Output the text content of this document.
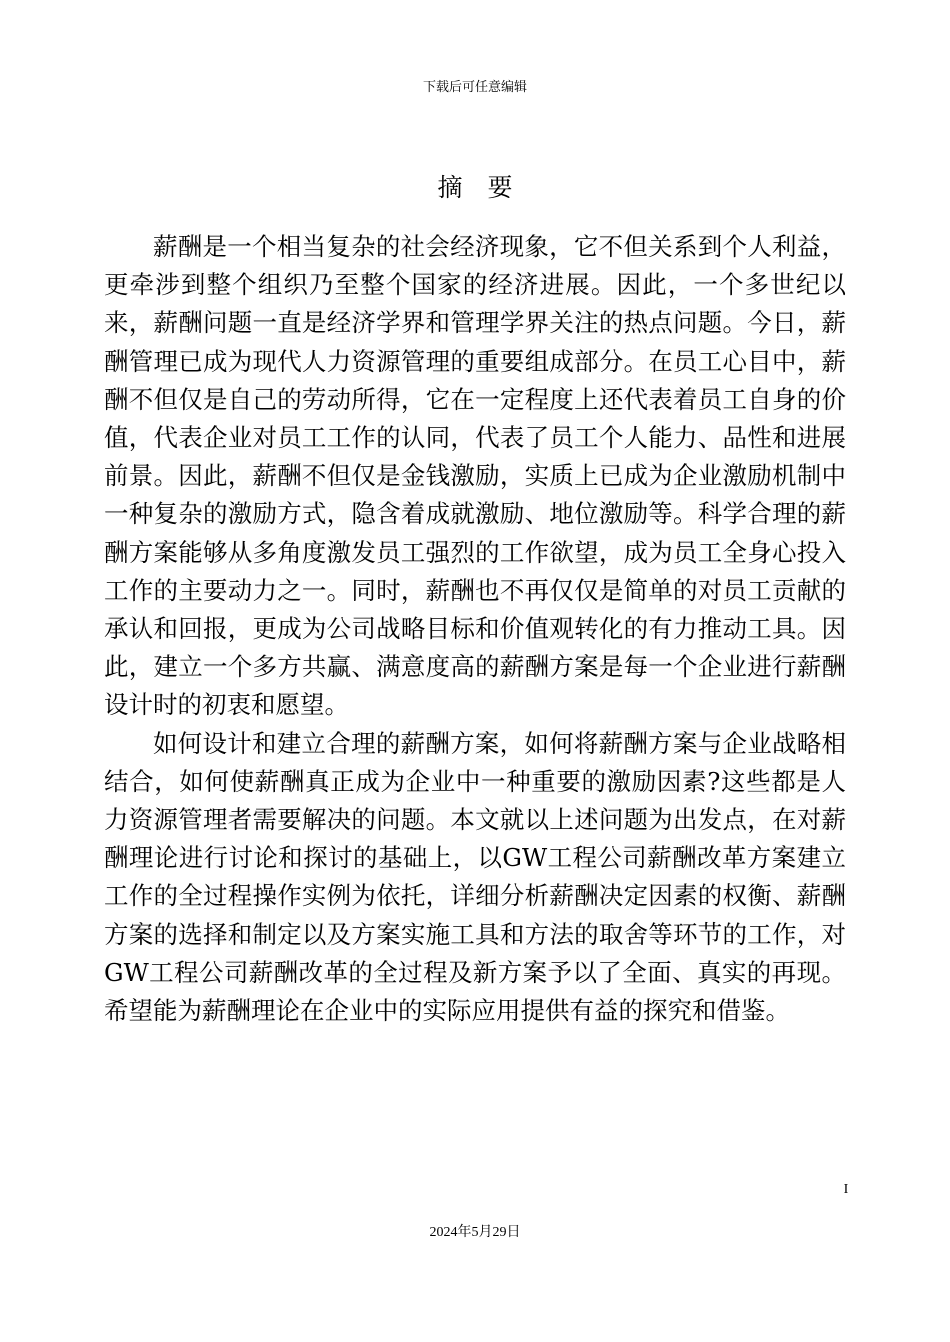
下载后可任意编辑
摘　要

薪酬是一个相当复杂的社会经济现象，它不但关系到个人利益，更牵涉到整个组织乃至整个国家的经济进展。因此，一个多世纪以来，薪酬问题一直是经济学界和管理学界关注的热点问题。今日，薪酬管理已成为现代人力资源管理的重要组成部分。在员工心目中，薪酬不但仅是自己的劳动所得，它在一定程度上还代表着员工自身的价值，代表企业对员工工作的认同，代表了员工个人能力、品性和进展前景。因此，薪酬不但仅是金钱激励，实质上已成为企业激励机制中一种复杂的激励方式，隐含着成就激励、地位激励等。科学合理的薪酬方案能够从多角度激发员工强烈的工作欲望，成为员工全身心投入工作的主要动力之一。同时，薪酬也不再仅仅是简单的对员工贡献的承认和回报，更成为公司战略目标和价值观转化的有力推动工具。因此，建立一个多方共赢、满意度高的薪酬方案是每一个企业进行薪酬设计时的初衷和愿望。

如何设计和建立合理的薪酬方案，如何将薪酬方案与企业战略相结合，如何使薪酬真正成为企业中一种重要的激励因素?这些都是人力资源管理者需要解决的问题。本文就以上述问题为出发点，在对薪酬理论进行讨论和探讨的基础上，以GW工程公司薪酬改革方案建立工作的全过程操作实例为依托，详细分析薪酬决定因素的权衡、薪酬方案的选择和制定以及方案实施工具和方法的取舍等环节的工作，对GW工程公司薪酬改革的全过程及新方案予以了全面、真实的再现。希望能为薪酬理论在企业中的实际应用提供有益的探究和借鉴。

I
2024年5月29日
